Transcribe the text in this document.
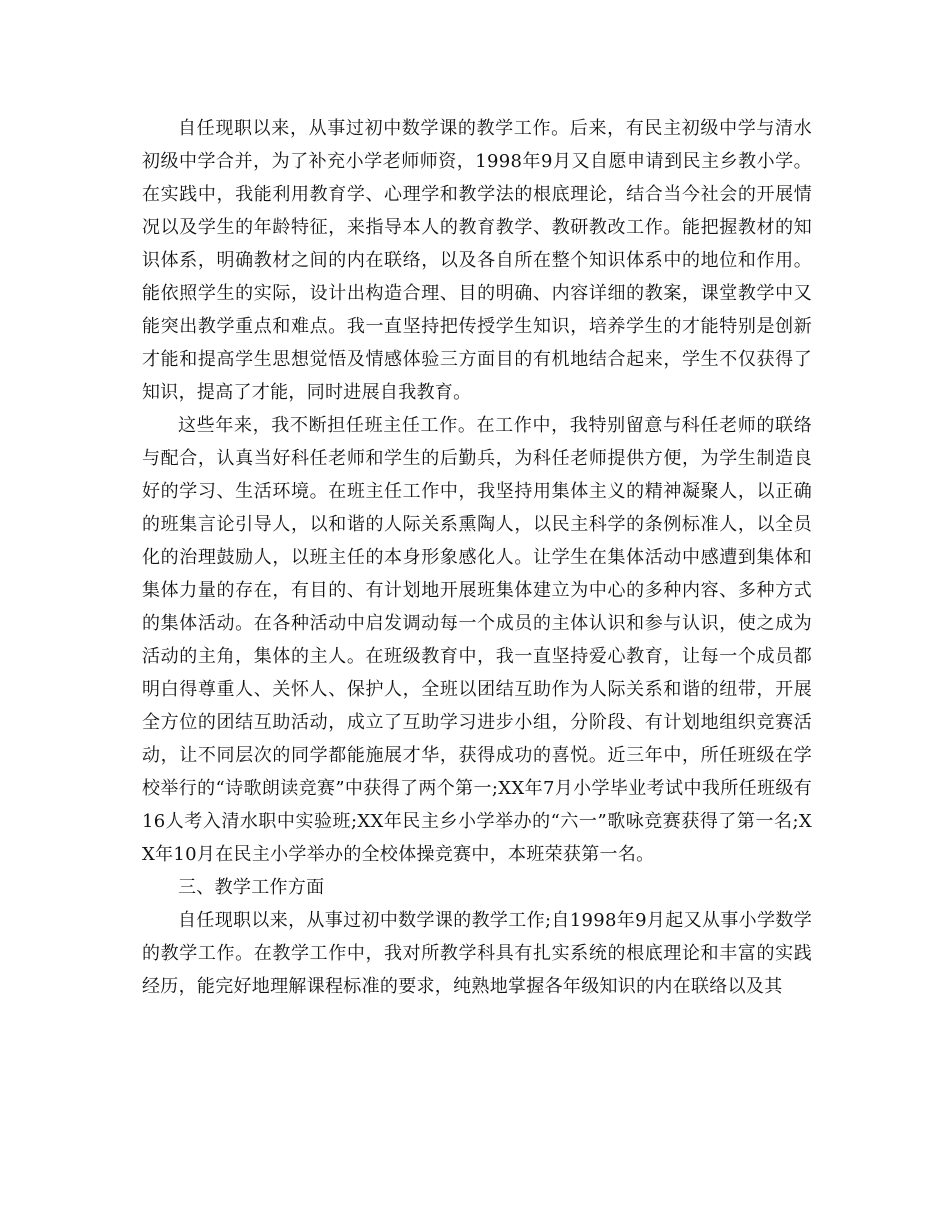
自任现职以来，从事过初中数学课的教学工作。后来，有民主初级中学与清水初级中学合并，为了补充小学老师师资，1998年9月又自愿申请到民主乡教小学。在实践中，我能利用教育学、心理学和教学法的根底理论，结合当今社会的开展情况以及学生的年龄特征，来指导本人的教育教学、教研教改工作。能把握教材的知识体系，明确教材之间的内在联络，以及各自所在整个知识体系中的地位和作用。能依照学生的实际，设计出构造合理、目的明确、内容详细的教案，课堂教学中又能突出教学重点和难点。我一直坚持把传授学生知识，培养学生的才能特别是创新才能和提高学生思想觉悟及情感体验三方面目的有机地结合起来，学生不仅获得了知识，提高了才能，同时进展自我教育。

这些年来，我不断担任班主任工作。在工作中，我特别留意与科任老师的联络与配合，认真当好科任老师和学生的后勤兵，为科任老师提供方便，为学生制造良好的学习、生活环境。在班主任工作中，我坚持用集体主义的精神凝聚人，以正确的班集言论引导人，以和谐的人际关系熏陶人，以民主科学的条例标准人，以全员化的治理鼓励人，以班主任的本身形象感化人。让学生在集体活动中感遭到集体和集体力量的存在，有目的、有计划地开展班集体建立为中心的多种内容、多种方式的集体活动。在各种活动中启发调动每一个成员的主体认识和参与认识，使之成为活动的主角，集体的主人。在班级教育中，我一直坚持爱心教育，让每一个成员都明白得尊重人、关怀人、保护人，全班以团结互助作为人际关系和谐的纽带，开展全方位的团结互助活动，成立了互助学习进步小组，分阶段、有计划地组织竞赛活动，让不同层次的同学都能施展才华，获得成功的喜悦。近三年中，所任班级在学校举行的“诗歌朗读竞赛”中获得了两个第一;XX年7月小学毕业考试中我所任班级有16人考入清水职中实验班;XX年民主乡小学举办的“六一”歌咏竞赛获得了第一名;XX年10月在民主小学举办的全校体操竞赛中，本班荣获第一名。

三、教学工作方面

自任现职以来，从事过初中数学课的教学工作;自1998年9月起又从事小学数学的教学工作。在教学工作中，我对所教学科具有扎实系统的根底理论和丰富的实践经历，能完好地理解课程标准的要求，纯熟地掌握各年级知识的内在联络以及其
